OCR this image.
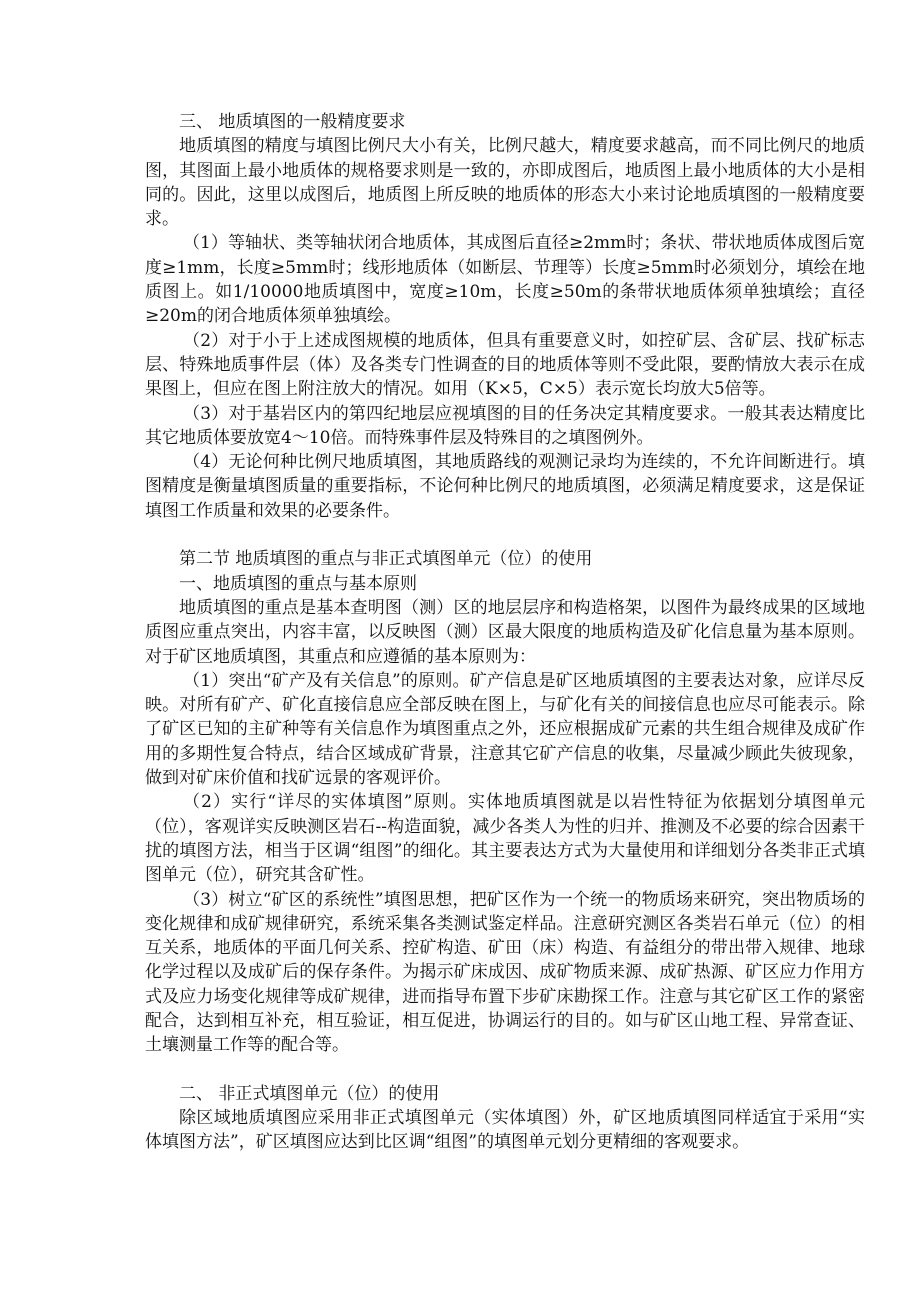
三、 地质填图的一般精度要求

地质填图的精度与填图比例尺大小有关，比例尺越大，精度要求越高，而不同比例尺的地质图，其图面上最小地质体的规格要求则是一致的，亦即成图后，地质图上最小地质体的大小是相同的。因此，这里以成图后，地质图上所反映的地质体的形态大小来讨论地质填图的一般精度要求。

（1）等轴状、类等轴状闭合地质体，其成图后直径≥2mm时；条状、带状地质体成图后宽度≥1mm，长度≥5mm时；线形地质体（如断层、节理等）长度≥5mm时必须划分，填绘在地质图上。如1/10000地质填图中，宽度≥10m，长度≥50m的条带状地质体须单独填绘；直径≥20m的闭合地质体须单独填绘。

（2）对于小于上述成图规模的地质体，但具有重要意义时，如控矿层、含矿层、找矿标志层、特殊地质事件层（体）及各类专门性调查的目的地质体等则不受此限，要酌情放大表示在成果图上，但应在图上附注放大的情况。如用（K×5，C×5）表示宽长均放大5倍等。

（3）对于基岩区内的第四纪地层应视填图的目的任务决定其精度要求。一般其表达精度比其它地质体要放宽4～10倍。而特殊事件层及特殊目的之填图例外。

（4）无论何种比例尺地质填图，其地质路线的观测记录均为连续的，不允许间断进行。填图精度是衡量填图质量的重要指标，不论何种比例尺的地质填图，必须满足精度要求，这是保证填图工作质量和效果的必要条件。

第二节 地质填图的重点与非正式填图单元（位）的使用

一、地质填图的重点与基本原则

地质填图的重点是基本查明图（测）区的地层层序和构造格架，以图件为最终成果的区域地质图应重点突出，内容丰富，以反映图（测）区最大限度的地质构造及矿化信息量为基本原则。 对于矿区地质填图，其重点和应遵循的基本原则为：

（1）突出“矿产及有关信息”的原则。矿产信息是矿区地质填图的主要表达对象，应详尽反映。对所有矿产、矿化直接信息应全部反映在图上，与矿化有关的间接信息也应尽可能表示。除了矿区已知的主矿种等有关信息作为填图重点之外，还应根据成矿元素的共生组合规律及成矿作用的多期性复合特点，结合区域成矿背景，注意其它矿产信息的收集，尽量减少顾此失彼现象，做到对矿床价值和找矿远景的客观评价。

（2）实行“详尽的实体填图”原则。实体地质填图就是以岩性特征为依据划分填图单元（位），客观详实反映测区岩石--构造面貌，减少各类人为性的归并、推测及不必要的综合因素干扰的填图方法，相当于区调“组图”的细化。其主要表达方式为大量使用和详细划分各类非正式填图单元（位），研究其含矿性。

（3）树立“矿区的系统性”填图思想，把矿区作为一个统一的物质场来研究，突出物质场的变化规律和成矿规律研究，系统采集各类测试鉴定样品。注意研究测区各类岩石单元（位）的相互关系，地质体的平面几何关系、控矿构造、矿田（床）构造、有益组分的带出带入规律、地球化学过程以及成矿后的保存条件。为揭示矿床成因、成矿物质来源、成矿热源、矿区应力作用方式及应力场变化规律等成矿规律，进而指导布置下步矿床勘探工作。注意与其它矿区工作的紧密配合，达到相互补充，相互验证，相互促进，协调运行的目的。如与矿区山地工程、异常查证、土壤测量工作等的配合等。

二、 非正式填图单元（位）的使用

除区域地质填图应采用非正式填图单元（实体填图）外，矿区地质填图同样适宜于采用“实体填图方法”，矿区填图应达到比区调“组图”的填图单元划分更精细的客观要求。
